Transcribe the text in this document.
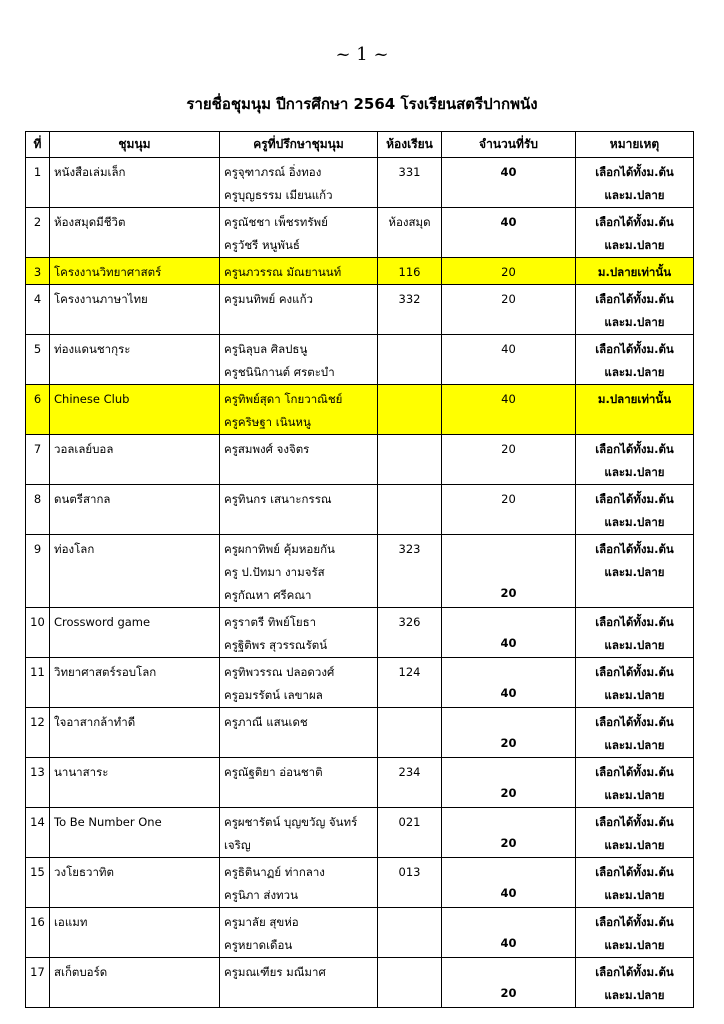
~ 1 ~
รายชื่อชุมนุม ปีการศึกษา 2564 โรงเรียนสตรีปากพนัง
ที่	ชุมนุม	ครูที่ปรึกษาชุมนุม	ห้องเรียน	จำนวนที่รับ	หมายเหตุ

1	หนังสือเล่มเล็ก	ครูจุฑาภรณ์ อิ่งทอง
ครูบุญธรรม เมียนแก้ว	331	40	เลือกได้ทั้งม.ต้น
และม.ปลาย

2	ห้องสมุดมีชีวิต	ครูณัชชา เพ็ชรทรัพย์
ครูวัชรี หนูพันธ์	ห้องสมุด	40	เลือกได้ทั้งม.ต้น
และม.ปลาย

3	โครงงานวิทยาศาสตร์	ครูนภวรรณ มัณยานนท์	116	20	ม.ปลายเท่านั้น

4	โครงงานภาษาไทย	ครูมนทิพย์ คงแก้ว	332	20	เลือกได้ทั้งม.ต้น
และม.ปลาย

5	ท่องแดนชากุระ	ครูนิลุบล ศิลปธนู
ครูชนินิกานต์ ศรตะบำ		40	เลือกได้ทั้งม.ต้น
และม.ปลาย

6	Chinese Club	ครูทิพย์สุดา โกยวาณิชย์
ครูคริษฐา เนินหนู		40	ม.ปลายเท่านั้น

7	วอลเลย์บอล	ครูสมพงศ์ จงจิตร		20	เลือกได้ทั้งม.ต้น
และม.ปลาย

8	ดนตรีสากล	ครูทินกร เสนาะกรรณ		20	เลือกได้ทั้งม.ต้น
และม.ปลาย

9	ท่องโลก	ครูผกาทิพย์ คุ้มหอยกัน
ครู ป.ปัทมา งามจรัส
ครูกัณหา ศรีคณา	323	20	เลือกได้ทั้งม.ต้น
และม.ปลาย

10	Crossword game	ครูราตรี ทิพย์โยธา
ครูฐิติพร สุวรรณรัตน์	326	40	เลือกได้ทั้งม.ต้น
และม.ปลาย

11	วิทยาศาสตร์รอบโลก	ครูทิพวรรณ ปลอดวงศ์
ครูอมรรัตน์ เลขาผล	124	40	เลือกได้ทั้งม.ต้น
และม.ปลาย

12	ใจอาสากล้าทำดี	ครูภาณี แสนเดช		20	เลือกได้ทั้งม.ต้น
และม.ปลาย

13	นานาสาระ	ครูณัฐติยา อ่อนชาติ	234	20	เลือกได้ทั้งม.ต้น
และม.ปลาย

14	To Be Number One	ครูผชารัตน์ บุญขวัญ จันทร์
เจริญ	021	20	เลือกได้ทั้งม.ต้น
และม.ปลาย

15	วงโยธวาทิต	ครูธิตินาฏย์ ท่ากลาง
ครูนิภา ส่งทวน	013	40	เลือกได้ทั้งม.ต้น
และม.ปลาย

16	เอแมท	ครูมาลัย สุขห่อ
ครูหยาดเดือน		40	เลือกได้ทั้งม.ต้น
และม.ปลาย

17	สเก็ตบอร์ด	ครูมณเฑียร มณีมาศ		20	เลือกได้ทั้งม.ต้น
และม.ปลาย
